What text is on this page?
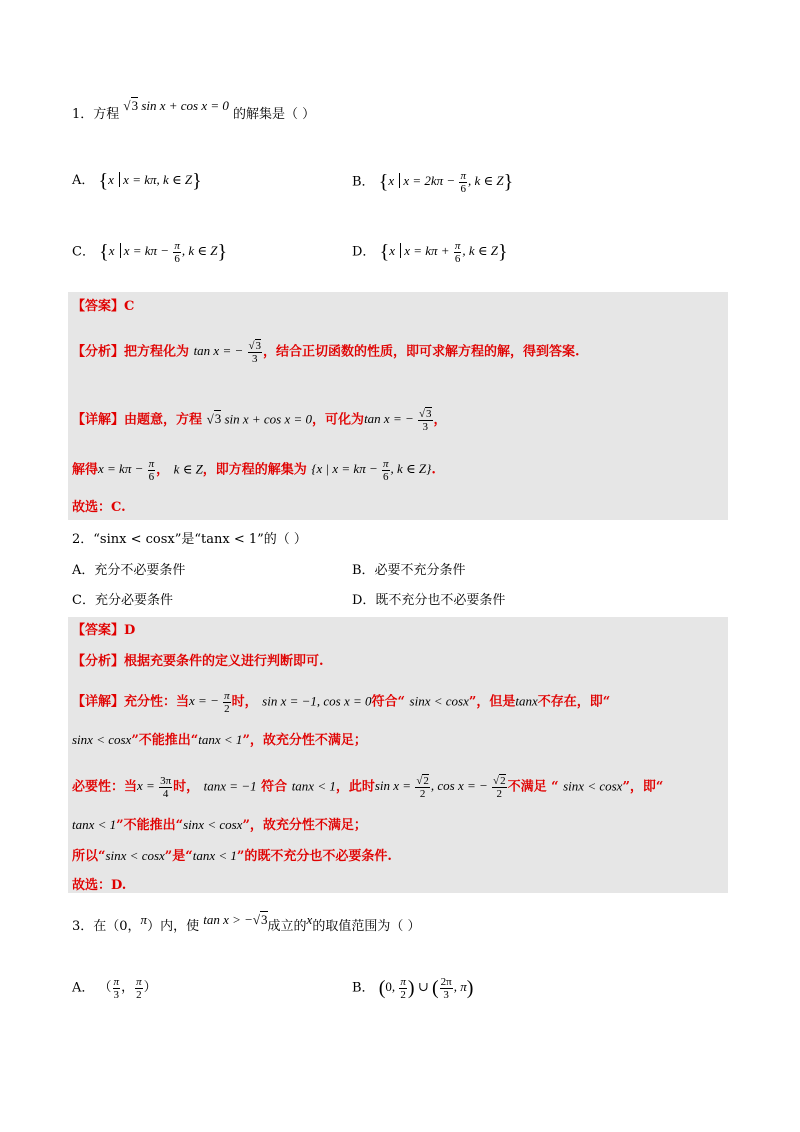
1．方程 √3 sin x + cos x = 0 的解集是（ ）
A． {x x = kπ, k ∈ Z}	B． {x $x = 2k\pi - \frac{\pi}{6}$ , k ∈ Z}
C． {x $x = k\pi - \frac{\pi}{6}$ , k ∈ Z}	D． {x $x = k\pi + \frac{\pi}{6}$ , k ∈ Z}
【答案】C
【分析】把方程化为 tan x = − $\frac{√3}{3}$ ，结合正切函数的性质，即可求解方程的解，得到答案.
【详解】由题意，方程 √3 sin x + cos x = 0，可化为tan x = − $\frac{√3}{3}$ ，
解得$x = k\pi - \frac{\pi}{6}$ ， k ∈ Z，即方程的解集为 {x | $x = k\pi - \frac{\pi}{6}$ , k ∈ Z}.
故选：C.
2．“sinx < cosx”是“tanx < 1”的（ ）
A．充分不必要条件	B．必要不充分条件
C．充分必要条件	D．既不充分也不必要条件
【答案】D
【分析】根据充要条件的定义进行判断即可.
【详解】充分性：当x = − $\frac{\pi}{2}$ 时， sin x = −1, cos x = 0符合“ sinx < cosx”，但是tanx不存在，即“
sinx < cosx”不能推出“tanx < 1”，故充分性不满足；
必要性：当$x = \frac{3\pi}{4}$ 时， tanx = −1 符合 tanx < 1，此时$\sin x = \frac{√2}{2}$ , cos x = − $\frac{√2}{2}$ 不满足 “ sinx < cosx”，即“
tanx < 1”不能推出“sinx < cosx”，故充分性不满足；
所以“sinx < cosx”是“tanx < 1”的既不充分也不必要条件.
故选：D.
3．在（0，π）内，使 tan x > −√3成立的x的取值范围为（ ）
A． （ $\frac{\pi}{3}$ ， $\frac{\pi}{2}$ ）	B． (0, $\frac{\pi}{2}$ ) ∪ ( $\frac{2\pi}{3}$ , π)
